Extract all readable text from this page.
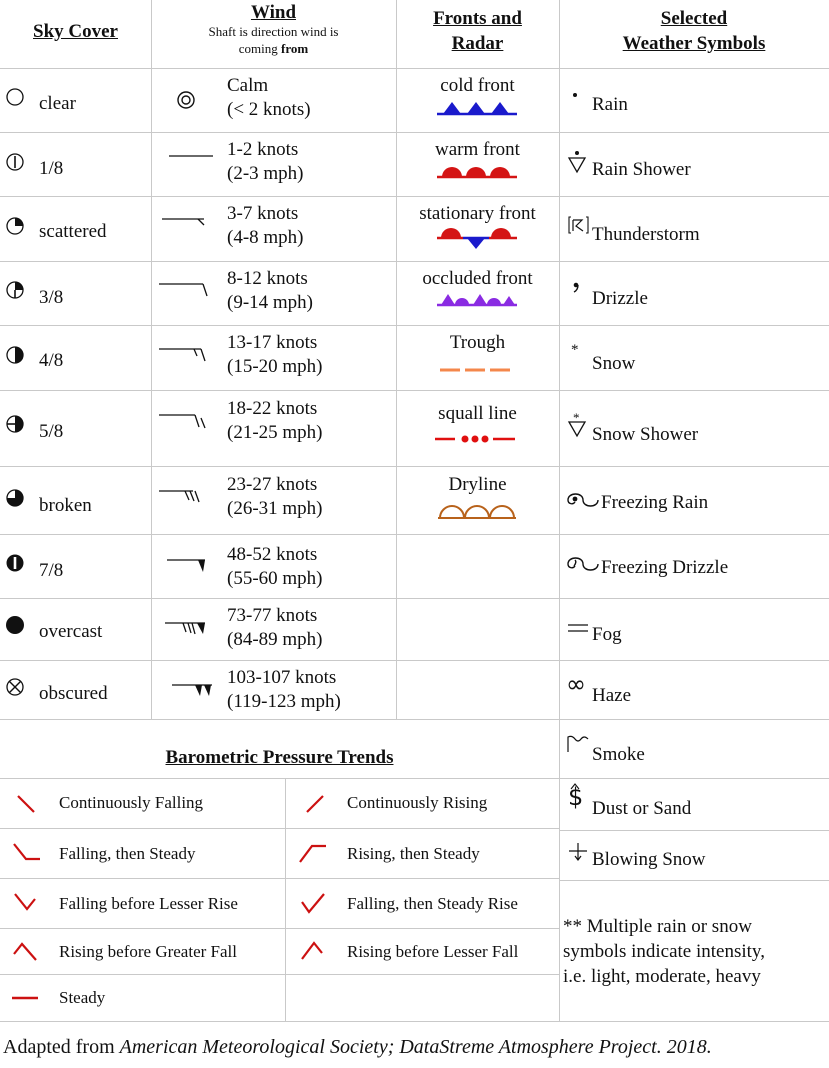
Sky Cover
Wind
Shaft is direction wind is
coming from
Fronts and
Radar
Selected
Weather Symbols
clear
1/8
scattered
3/8
4/8
5/8
broken
7/8
overcast
obscured
Calm
(< 2 knots)
1-2 knots
(2-3 mph)
3-7 knots
(4-8 mph)
8-12 knots
(9-14 mph)
13-17 knots
(15-20 mph)
18-22 knots
(21-25 mph)
23-27 knots
(26-31 mph)
48-52 knots
(55-60 mph)
73-77 knots
(84-89 mph)
103-107 knots
(119-123 mph)
cold front
warm front
stationary front
occluded front
Trough
squall line
Dryline
Rain
Rain Shower
Thunderstorm
Drizzle
*
Snow
*
Snow Shower
Freezing Rain
Freezing Drizzle
Fog
∞ Haze
Smoke
$ Dust or Sand
Blowing Snow
** Multiple rain or snow
symbols indicate intensity,
i.e. light, moderate, heavy
Barometric Pressure Trends
Continuously Falling
Falling, then Steady
Falling before Lesser Rise
Rising before Greater Fall
Steady
Continuously Rising
Rising, then Steady
Falling, then Steady Rise
Rising before Lesser Fall
Adapted from American Meteorological Society; DataStreme Atmosphere Project. 2018.
